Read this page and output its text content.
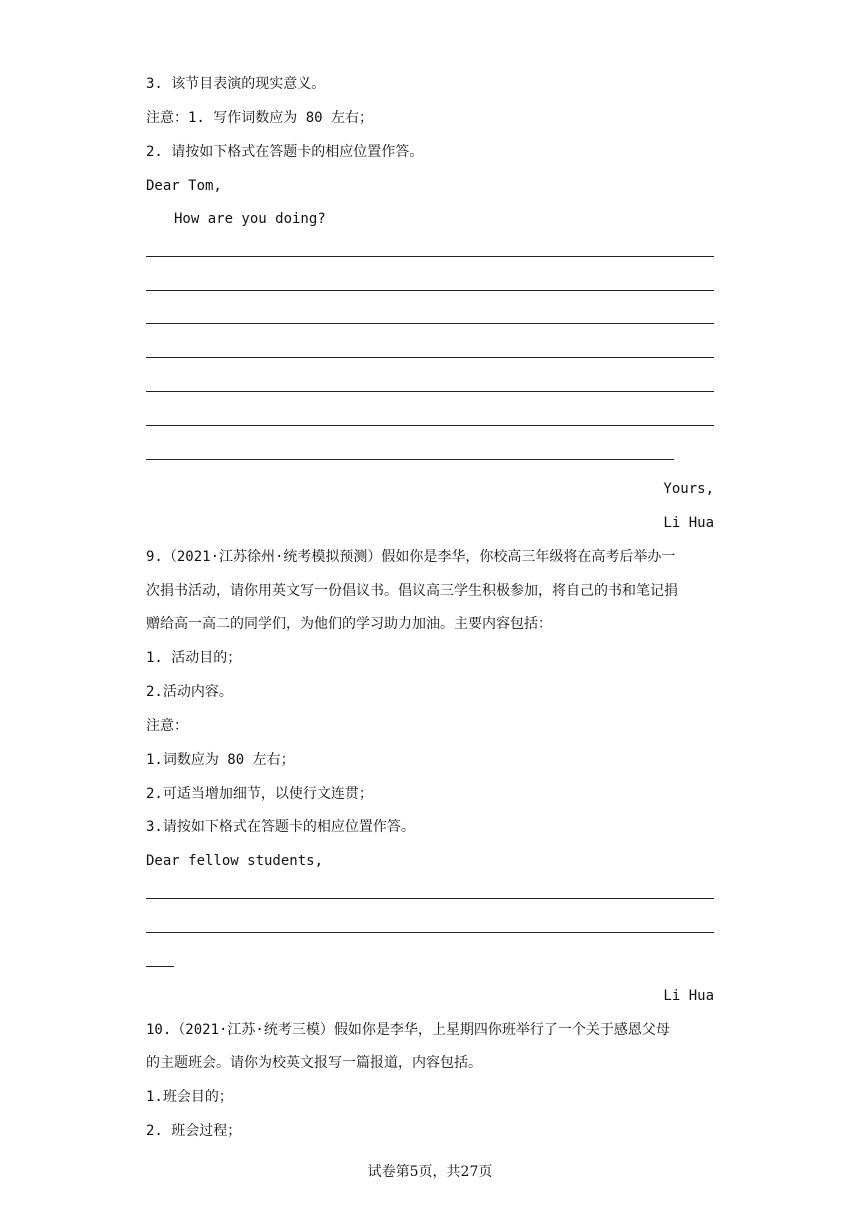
3. 该节目表演的现实意义。
注意：1. 写作词数应为 80 左右；
2. 请按如下格式在答题卡的相应位置作答。
Dear Tom,
How are you doing?
Yours,
Li Hua
9.（2021·江苏徐州·统考模拟预测）假如你是李华，你校高三年级将在高考后举办一
次捐书活动，请你用英文写一份倡议书。倡议高三学生积极参加，将自己的书和笔记捐
赠给高一高二的同学们，为他们的学习助力加油。主要内容包括：
1. 活动目的；
2.活动内容。
注意：
1.词数应为 80 左右；
2.可适当增加细节，以使行文连贯；
3.请按如下格式在答题卡的相应位置作答。
Dear fellow students,
Li Hua
10.（2021·江苏·统考三模）假如你是李华，上星期四你班举行了一个关于感恩父母
的主题班会。请你为校英文报写一篇报道，内容包括。
1.班会目的；
2. 班会过程；
试卷第5页，共27页
